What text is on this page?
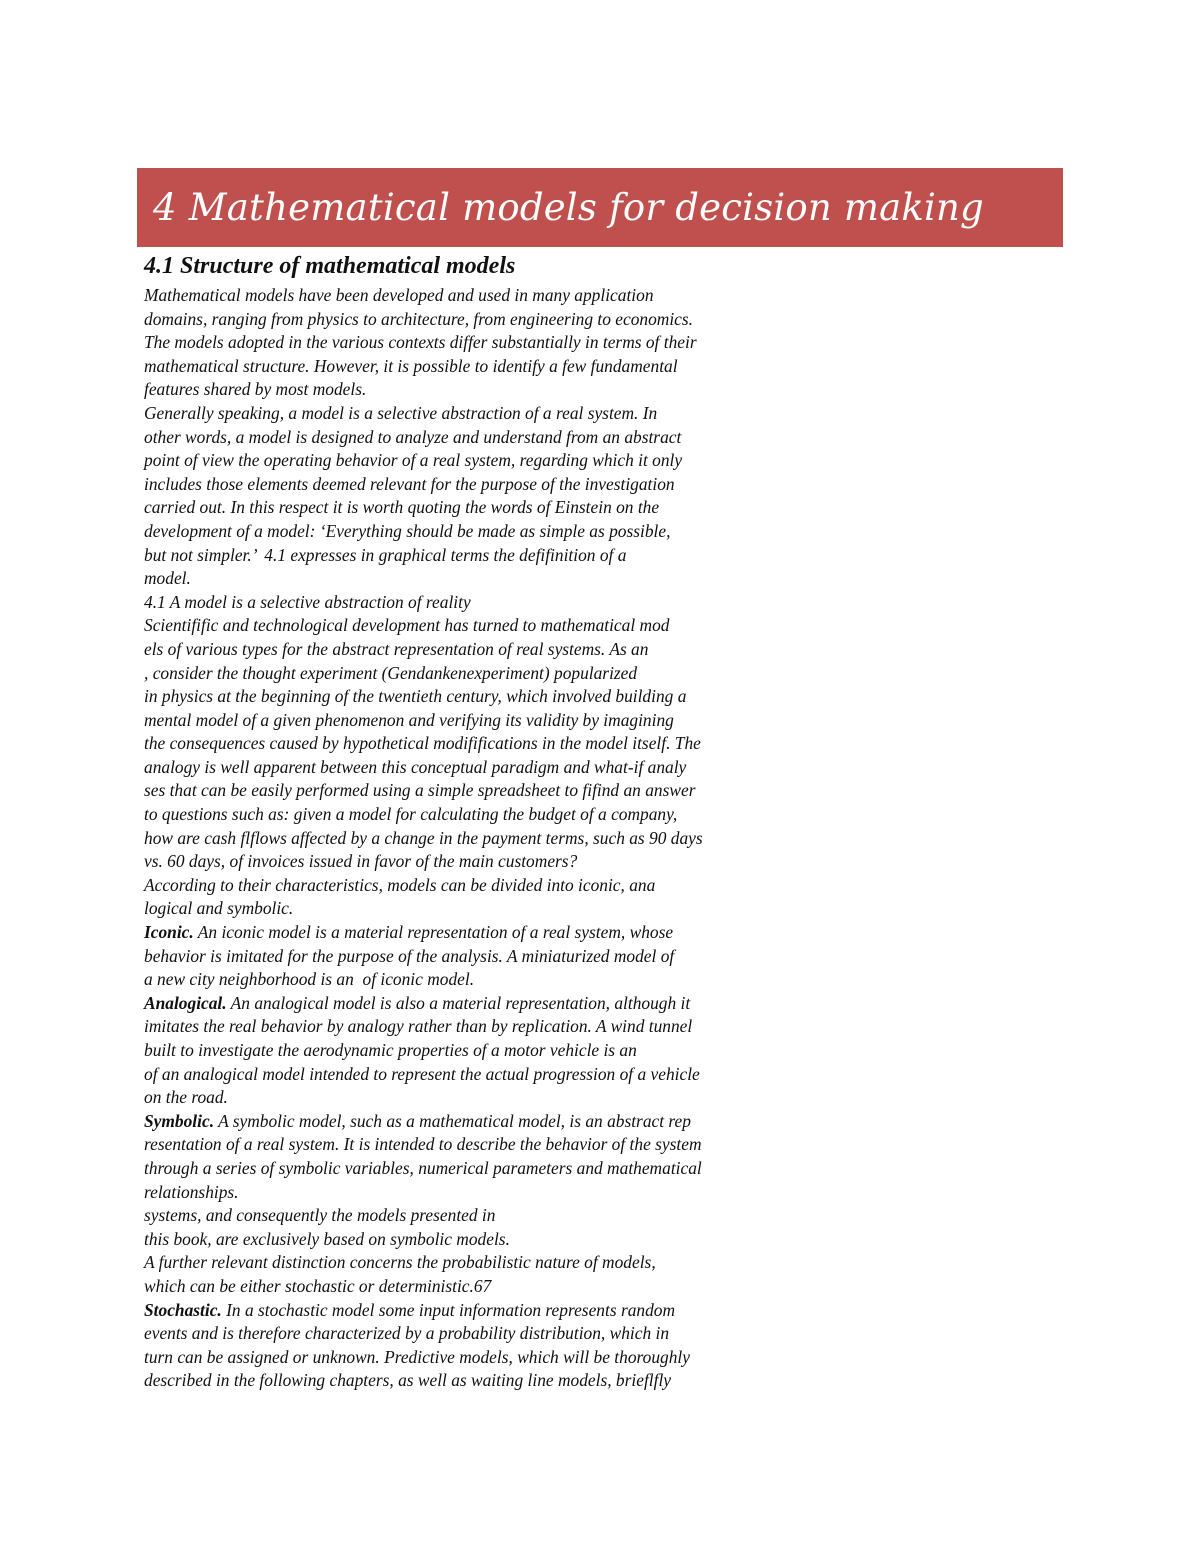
4 Mathematical models for decision making
4.1 Structure of mathematical models
Mathematical models have been developed and used in many application
domains, ranging from physics to architecture, from engineering to economics.
The models adopted in the various contexts differ substantially in terms of their
mathematical structure. However, it is possible to identify a few fundamental
features shared by most models.
Generally speaking, a model is a selective abstraction of a real system. In
other words, a model is designed to analyze and understand from an abstract
point of view the operating behavior of a real system, regarding which it only
includes those elements deemed relevant for the purpose of the investigation
carried out. In this respect it is worth quoting the words of Einstein on the
development of a model: ‘Everything should be made as simple as possible,
but not simpler.’  4.1 expresses in graphical terms the defifinition of a
model.
4.1 A model is a selective abstraction of reality
Scientifific and technological development has turned to mathematical mod
els of various types for the abstract representation of real systems. As an
, consider the thought experiment (Gendankenexperiment) popularized
in physics at the beginning of the twentieth century, which involved building a
mental model of a given phenomenon and verifying its validity by imagining
the consequences caused by hypothetical modififications in the model itself. The
analogy is well apparent between this conceptual paradigm and what-if analy
ses that can be easily performed using a simple spreadsheet to fifind an answer
to questions such as: given a model for calculating the budget of a company,
how are cash flflows affected by a change in the payment terms, such as 90 days
vs. 60 days, of invoices issued in favor of the main customers?
According to their characteristics, models can be divided into iconic, ana
logical and symbolic.
Iconic. An iconic model is a material representation of a real system, whose
behavior is imitated for the purpose of the analysis. A miniaturized model of
a new city neighborhood is an  of iconic model.
Analogical. An analogical model is also a material representation, although it
imitates the real behavior by analogy rather than by replication. A wind tunnel
built to investigate the aerodynamic properties of a motor vehicle is an
of an analogical model intended to represent the actual progression of a vehicle
on the road.
Symbolic. A symbolic model, such as a mathematical model, is an abstract rep
resentation of a real system. It is intended to describe the behavior of the system
through a series of symbolic variables, numerical parameters and mathematical
relationships.
systems, and consequently the models presented in
this book, are exclusively based on symbolic models.
A further relevant distinction concerns the probabilistic nature of models,
which can be either stochastic or deterministic.67
Stochastic. In a stochastic model some input information represents random
events and is therefore characterized by a probability distribution, which in
turn can be assigned or unknown. Predictive models, which will be thoroughly
described in the following chapters, as well as waiting line models, brieflfly
